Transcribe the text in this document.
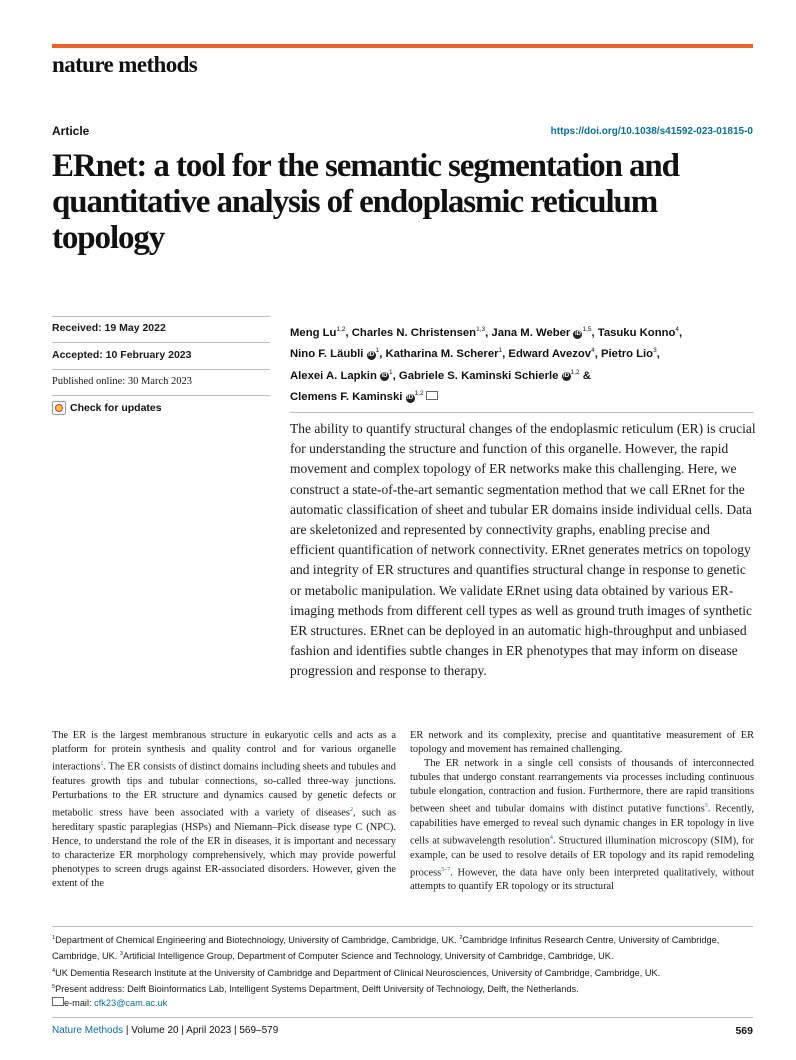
nature methods
Article	https://doi.org/10.1038/s41592-023-01815-0
ERnet: a tool for the semantic segmentation and quantitative analysis of endoplasmic reticulum topology
Received: 19 May 2022
Accepted: 10 February 2023
Published online: 30 March 2023
Check for updates

Meng Lu$^{1,2}$, Charles N. Christensen$^{1,3}$, Jana M. Weber iD$^{1,5}$, Tasuku Konno$^4$,
Nino F. Läubli $iD^1$, Katharina M. Scherer$^1$, Edward Avezov$^4$, Pietro Lio$^3$,
Alexei A. Lapkin $iD^1$, Gabriele S. Kaminski Schierle iD$^{1,2}$ &
Clemens F. Kaminski iD$^{1,2}$

The ability to quantify structural changes of the endoplasmic reticulum (ER) is crucial for understanding the structure and function of this organelle. However, the rapid movement and complex topology of ER networks make this challenging. Here, we construct a state-of-the-art semantic segmentation method that we call ERnet for the automatic classification of sheet and tubular ER domains inside individual cells. Data are skeletonized and represented by connectivity graphs, enabling precise and efficient quantification of network connectivity. ERnet generates metrics on topology and integrity of ER structures and quantifies structural change in response to genetic or metabolic manipulation. We validate ERnet using data obtained by various ER-imaging methods from different cell types as well as ground truth images of synthetic ER structures. ERnet can be deployed in an automatic high-throughput and unbiased fashion and identifies subtle changes in ER phenotypes that may inform on disease progression and response to therapy.

The ER is the largest membranous structure in eukaryotic cells and acts as a platform for protein synthesis and quality control and for various organelle interactions$^1$. The ER consists of distinct domains including sheets and tubules and features growth tips and tubular connections, so-called three-way junctions. Perturbations to the ER structure and dynamics caused by genetic defects or metabolic stress have been associated with a variety of diseases$^2$, such as hereditary spastic paraplegias (HSPs) and Niemann–Pick disease type C (NPC). Hence, to understand the role of the ER in diseases, it is important and necessary to characterize ER morphology comprehensively, which may provide powerful phenotypes to screen drugs against ER-associated disorders. However, given the extent of the

ER network and its complexity, precise and quantitative measurement of ER topology and movement has remained challenging.

The ER network in a single cell consists of thousands of interconnected tubules that undergo constant rearrangements via processes including continuous tubule elongation, contraction and fusion. Furthermore, there are rapid transitions between sheet and tubular domains with distinct putative functions$^3$. Recently, capabilities have emerged to reveal such dynamic changes in ER topology in live cells at subwavelength resolution$^4$. Structured illumination microscopy (SIM), for example, can be used to resolve details of ER topology and its rapid remodeling process$^{5-7}$. However, the data have only been interpreted qualitatively, without attempts to quantify ER topology or its structural

$^1$Department of Chemical Engineering and Biotechnology, University of Cambridge, Cambridge, UK. $^2$Cambridge Infinitus Research Centre, University of Cambridge, Cambridge, UK. $^3$Artificial Intelligence Group, Department of Computer Science and Technology, University of Cambridge, Cambridge, UK.
$^4$UK Dementia Research Institute at the University of Cambridge and Department of Clinical Neurosciences, University of Cambridge, Cambridge, UK.
$^5$Present address: Delft Bioinformatics Lab, Intelligent Systems Department, Delft University of Technology, Delft, the Netherlands.
e-mail: cfk23@cam.ac.uk

Nature Methods | Volume 20 | April 2023 | 569–579	569
